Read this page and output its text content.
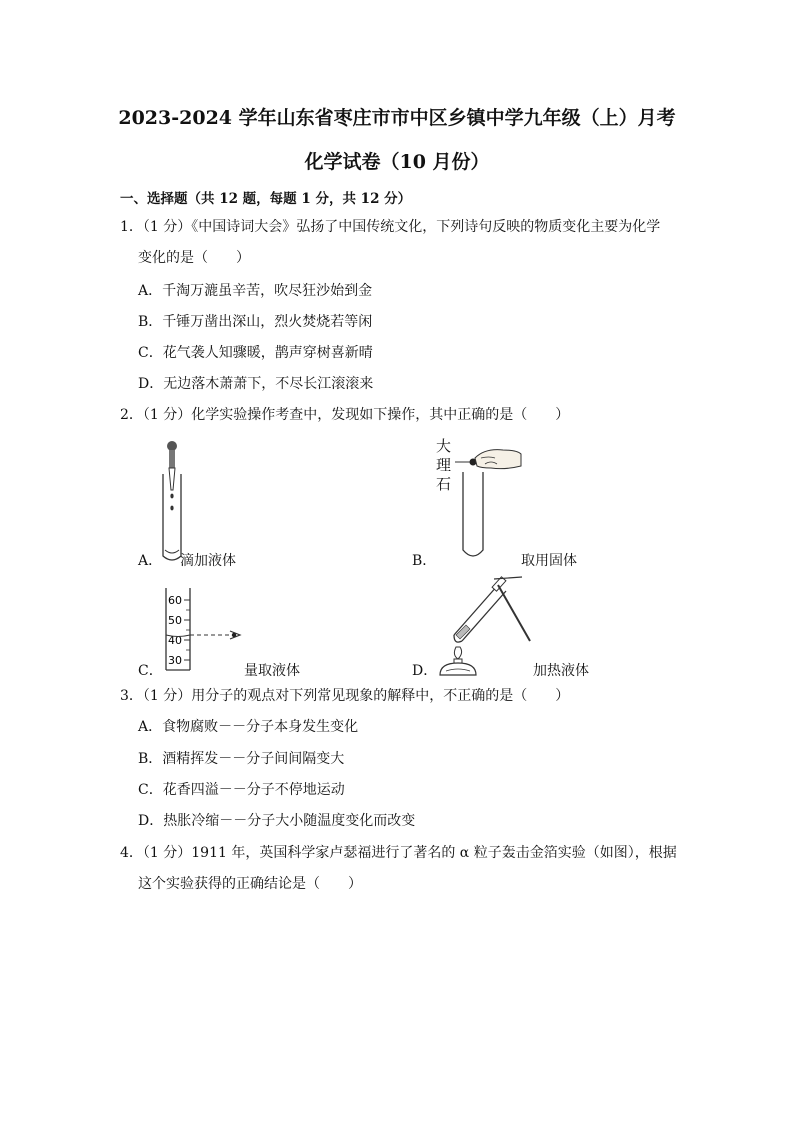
2023-2024 学年山东省枣庄市市中区乡镇中学九年级（上）月考
化学试卷（10 月份）
一、选择题（共 12 题，每题 1 分，共 12 分）
1．（1 分）《中国诗词大会》弘扬了中国传统文化，下列诗句反映的物质变化主要为化学
变化的是（　　）
A．千淘万漉虽辛苦，吹尽狂沙始到金
B．千锤万凿出深山，烈火焚烧若等闲
C．花气袭人知骤暖，鹊声穿树喜新晴
D．无边落木萧萧下，不尽长江滚滚来
2．（1 分）化学实验操作考查中，发现如下操作，其中正确的是（　　）
A． 滴加液体
大
理
石
B．	取用固体
60
50
40
30
C．	量取液体	D．	加热液体
3．（1 分）用分子的观点对下列常见现象的解释中，不正确的是（　　）
A．食物腐败－－分子本身发生变化
B．酒精挥发－－分子间间隔变大
C．花香四溢－－分子不停地运动
D．热胀冷缩－－分子大小随温度变化而改变
4．（1 分）1911 年，英国科学家卢瑟福进行了著名的 α 粒子轰击金箔实验（如图），根据
这个实验获得的正确结论是（　　）
